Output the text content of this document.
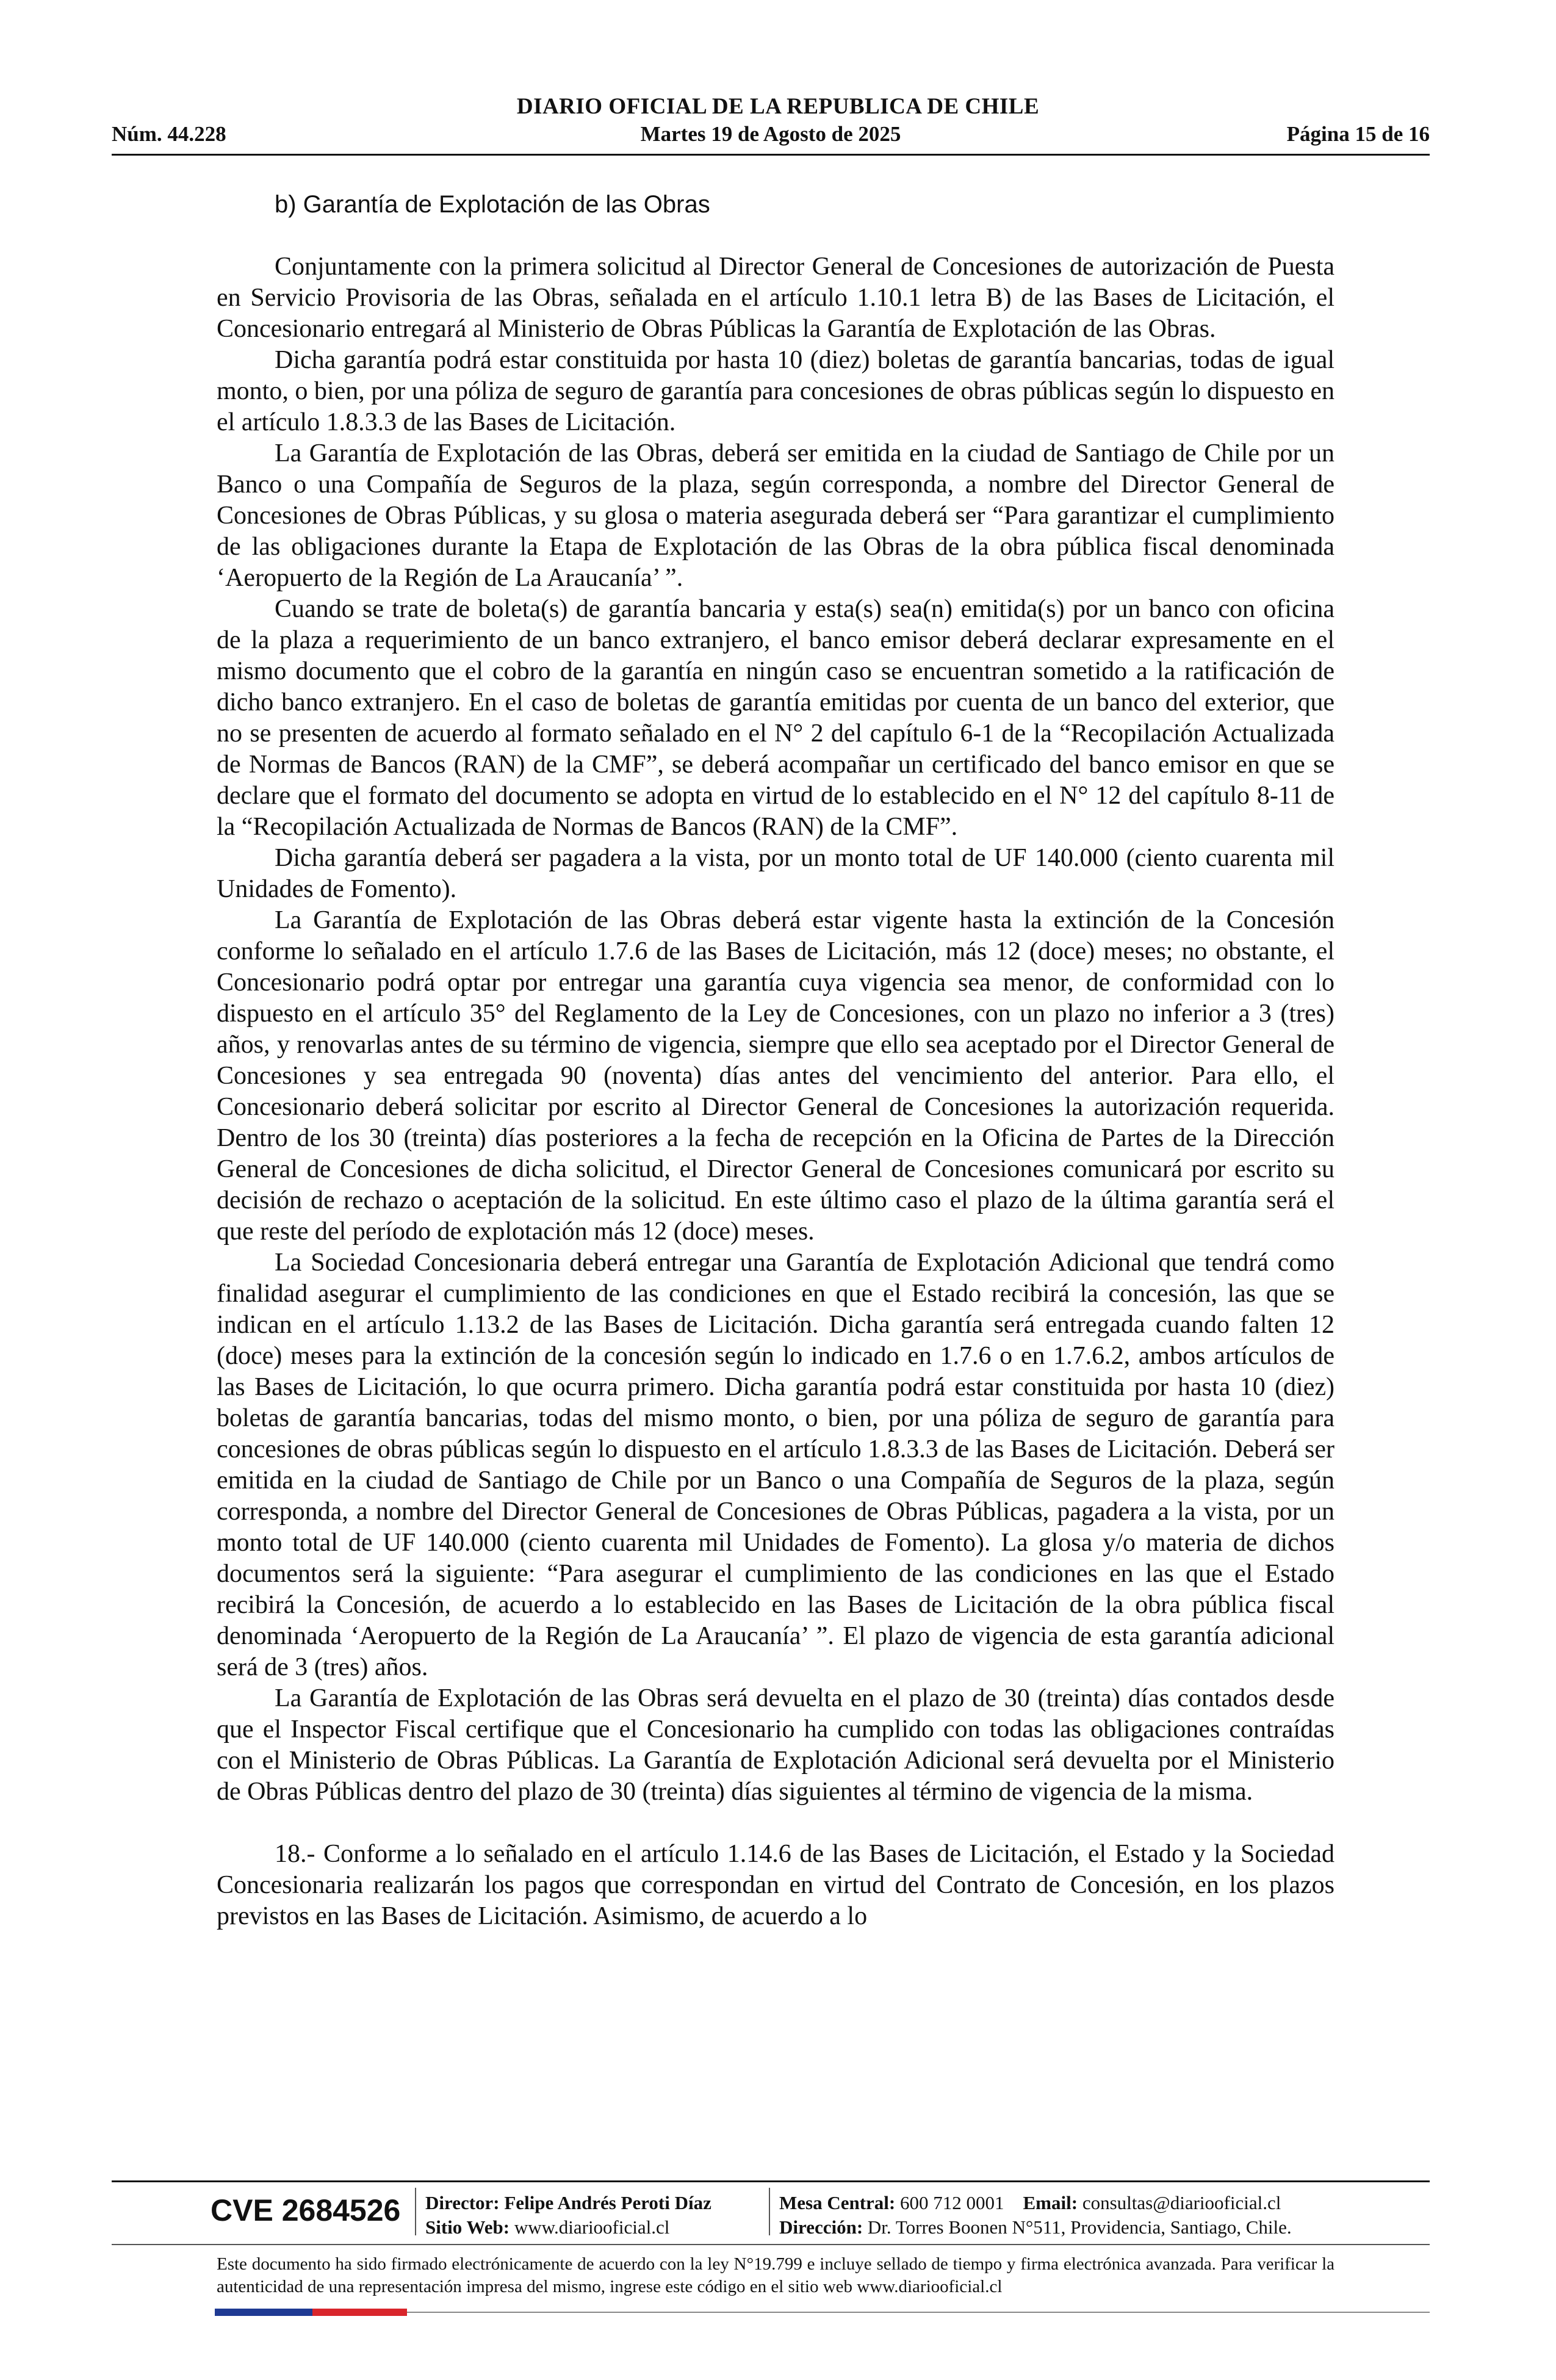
DIARIO OFICIAL DE LA REPUBLICA DE CHILE
Martes 19 de Agosto de 2025
Núm. 44.228	Página 15 de 16

b) Garantía de Explotación de las Obras

Conjuntamente con la primera solicitud al Director General de Concesiones de autorización de Puesta en Servicio Provisoria de las Obras, señalada en el artículo 1.10.1 letra B) de las Bases de Licitación, el Concesionario entregará al Ministerio de Obras Públicas la Garantía de Explotación de las Obras.

Dicha garantía podrá estar constituida por hasta 10 (diez) boletas de garantía bancarias, todas de igual monto, o bien, por una póliza de seguro de garantía para concesiones de obras públicas según lo dispuesto en el artículo 1.8.3.3 de las Bases de Licitación.

La Garantía de Explotación de las Obras, deberá ser emitida en la ciudad de Santiago de Chile por un Banco o una Compañía de Seguros de la plaza, según corresponda, a nombre del Director General de Concesiones de Obras Públicas, y su glosa o materia asegurada deberá ser “Para garantizar el cumplimiento de las obligaciones durante la Etapa de Explotación de las Obras de la obra pública fiscal denominada ‘Aeropuerto de la Región de La Araucanía’ ”.

Cuando se trate de boleta(s) de garantía bancaria y esta(s) sea(n) emitida(s) por un banco con oficina de la plaza a requerimiento de un banco extranjero, el banco emisor deberá declarar expresamente en el mismo documento que el cobro de la garantía en ningún caso se encuentran sometido a la ratificación de dicho banco extranjero. En el caso de boletas de garantía emitidas por cuenta de un banco del exterior, que no se presenten de acuerdo al formato señalado en el N° 2 del capítulo 6-1 de la “Recopilación Actualizada de Normas de Bancos (RAN) de la CMF”, se deberá acompañar un certificado del banco emisor en que se declare que el formato del documento se adopta en virtud de lo establecido en el N° 12 del capítulo 8-11 de la “Recopilación Actualizada de Normas de Bancos (RAN) de la CMF”.

Dicha garantía deberá ser pagadera a la vista, por un monto total de UF 140.000 (ciento cuarenta mil Unidades de Fomento).

La Garantía de Explotación de las Obras deberá estar vigente hasta la extinción de la Concesión conforme lo señalado en el artículo 1.7.6 de las Bases de Licitación, más 12 (doce) meses; no obstante, el Concesionario podrá optar por entregar una garantía cuya vigencia sea menor, de conformidad con lo dispuesto en el artículo 35° del Reglamento de la Ley de Concesiones, con un plazo no inferior a 3 (tres) años, y renovarlas antes de su término de vigencia, siempre que ello sea aceptado por el Director General de Concesiones y sea entregada 90 (noventa) días antes del vencimiento del anterior. Para ello, el Concesionario deberá solicitar por escrito al Director General de Concesiones la autorización requerida. Dentro de los 30 (treinta) días posteriores a la fecha de recepción en la Oficina de Partes de la Dirección General de Concesiones de dicha solicitud, el Director General de Concesiones comunicará por escrito su decisión de rechazo o aceptación de la solicitud. En este último caso el plazo de la última garantía será el que reste del período de explotación más 12 (doce) meses.

La Sociedad Concesionaria deberá entregar una Garantía de Explotación Adicional que tendrá como finalidad asegurar el cumplimiento de las condiciones en que el Estado recibirá la concesión, las que se indican en el artículo 1.13.2 de las Bases de Licitación. Dicha garantía será entregada cuando falten 12 (doce) meses para la extinción de la concesión según lo indicado en 1.7.6 o en 1.7.6.2, ambos artículos de las Bases de Licitación, lo que ocurra primero. Dicha garantía podrá estar constituida por hasta 10 (diez) boletas de garantía bancarias, todas del mismo monto, o bien, por una póliza de seguro de garantía para concesiones de obras públicas según lo dispuesto en el artículo 1.8.3.3 de las Bases de Licitación. Deberá ser emitida en la ciudad de Santiago de Chile por un Banco o una Compañía de Seguros de la plaza, según corresponda, a nombre del Director General de Concesiones de Obras Públicas, pagadera a la vista, por un monto total de UF 140.000 (ciento cuarenta mil Unidades de Fomento). La glosa y/o materia de dichos documentos será la siguiente: “Para asegurar el cumplimiento de las condiciones en las que el Estado recibirá la Concesión, de acuerdo a lo establecido en las Bases de Licitación de la obra pública fiscal denominada ‘Aeropuerto de la Región de La Araucanía’ ”. El plazo de vigencia de esta garantía adicional será de 3 (tres) años.

La Garantía de Explotación de las Obras será devuelta en el plazo de 30 (treinta) días contados desde que el Inspector Fiscal certifique que el Concesionario ha cumplido con todas las obligaciones contraídas con el Ministerio de Obras Públicas. La Garantía de Explotación Adicional será devuelta por el Ministerio de Obras Públicas dentro del plazo de 30 (treinta) días siguientes al término de vigencia de la misma.

18.- Conforme a lo señalado en el artículo 1.14.6 de las Bases de Licitación, el Estado y la Sociedad Concesionaria realizarán los pagos que correspondan en virtud del Contrato de Concesión, en los plazos previstos en las Bases de Licitación. Asimismo, de acuerdo a lo

CVE 2684526 Director: Felipe Andrés Peroti Díaz
Sitio Web: www.diariooficial.cl
Mesa Central: 600 712 0001 Email: consultas@diariooficial.cl
Dirección: Dr. Torres Boonen N°511, Providencia, Santiago, Chile.
Este documento ha sido firmado electrónicamente de acuerdo con la ley N°19.799 e incluye sellado de tiempo y firma electrónica avanzada. Para verificar la autenticidad de una representación impresa del mismo, ingrese este código en el sitio web www.diariooficial.cl
